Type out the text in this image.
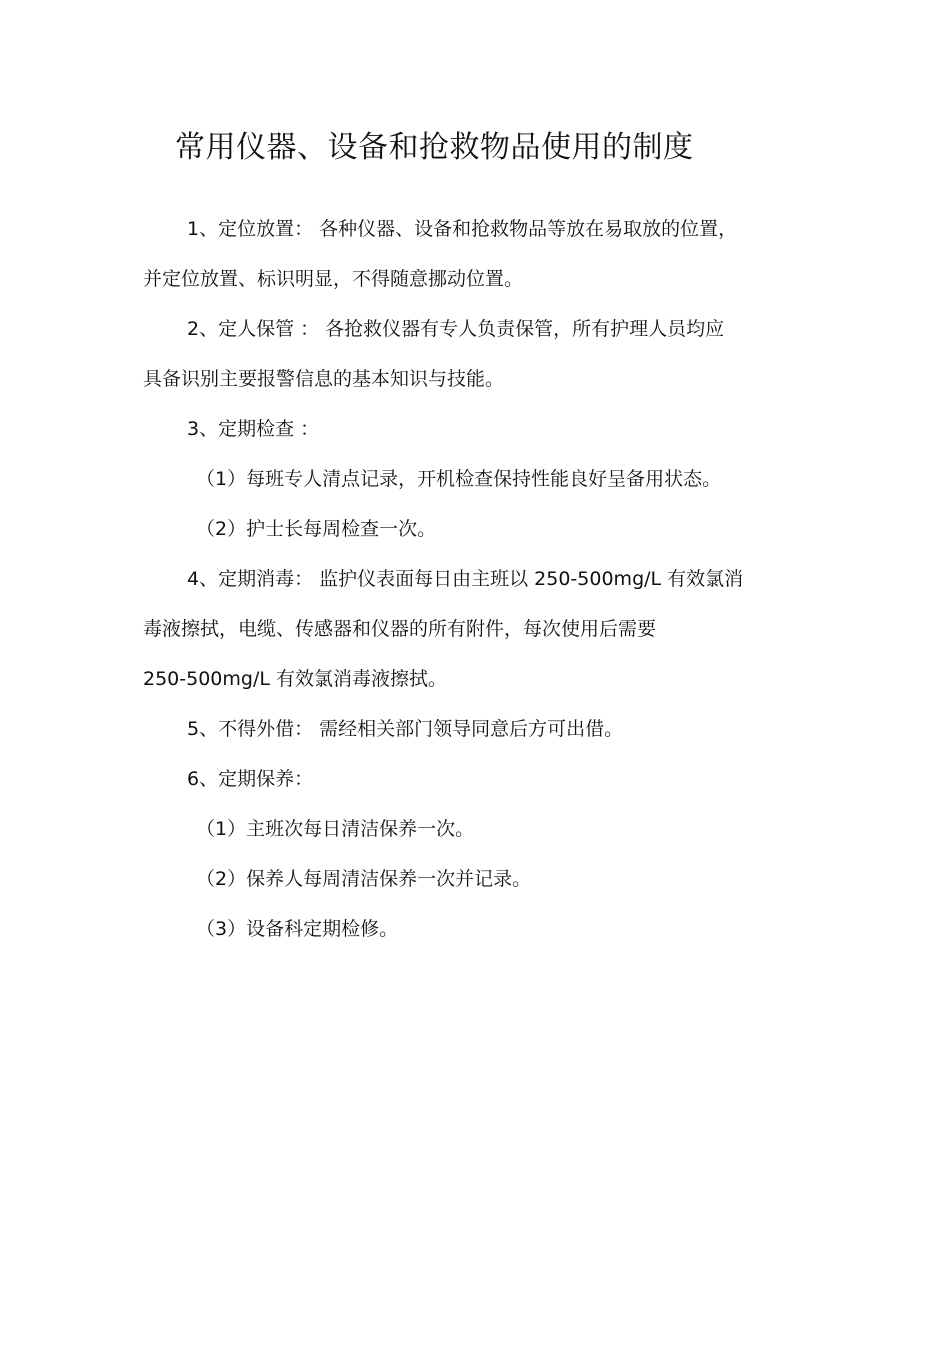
常用仪器、设备和抢救物品使用的制度
1、定位放置： 各种仪器、设备和抢救物品等放在易取放的位置，
并定位放置、标识明显，不得随意挪动位置。
2、定人保管 ： 各抢救仪器有专人负责保管，所有护理人员均应
具备识别主要报警信息的基本知识与技能。
3、定期检查 ：
（1）每班专人清点记录，开机检查保持性能良好呈备用状态。
（2）护士长每周检查一次。
4、定期消毒： 监护仪表面每日由主班以 250-500mg/L 有效氯消
毒液擦拭，电缆、传感器和仪器的所有附件，每次使用后需要
250-500mg/L 有效氯消毒液擦拭。
5、不得外借： 需经相关部门领导同意后方可出借。
6、定期保养：
（1）主班次每日清洁保养一次。
（2）保养人每周清洁保养一次并记录。
（3）设备科定期检修。
